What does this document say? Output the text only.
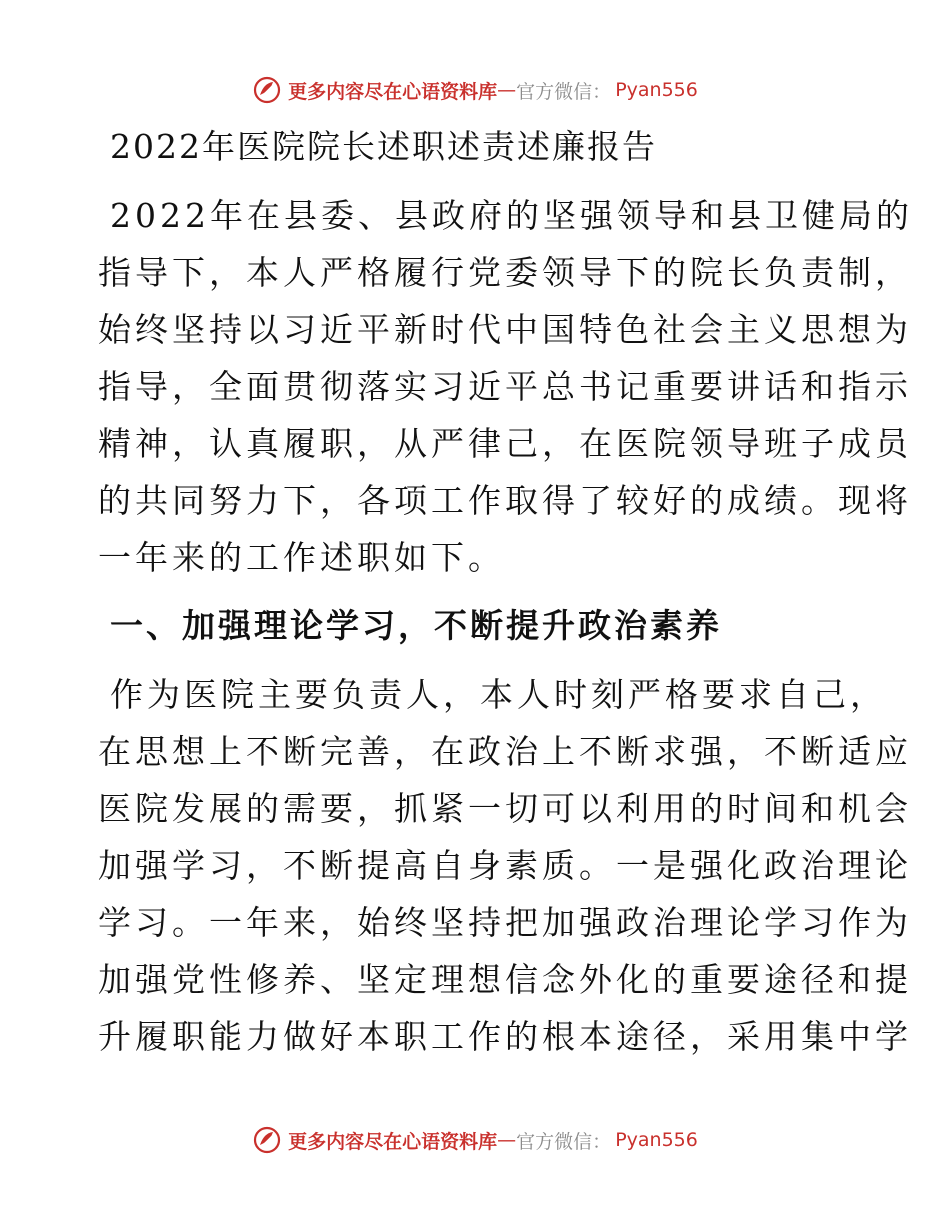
更多内容尽在心语资料库 — 官方微信： Pyan556
2022年医院院长述职述责述廉报告
2022年在县委、县政府的坚强领导和县卫健局的
指导下，本人严格履行党委领导下的院长负责制，
始终坚持以习近平新时代中国特色社会主义思想为
指导，全面贯彻落实习近平总书记重要讲话和指示
精神，认真履职，从严律己，在医院领导班子成员
的共同努力下，各项工作取得了较好的成绩。现将
一年来的工作述职如下。
一、加强理论学习，不断提升政治素养
作为医院主要负责人，本人时刻严格要求自己，
在思想上不断完善，在政治上不断求强，不断适应
医院发展的需要，抓紧一切可以利用的时间和机会
加强学习，不断提高自身素质。一是强化政治理论
学习。一年来，始终坚持把加强政治理论学习作为
加强党性修养、坚定理想信念外化的重要途径和提
升履职能力做好本职工作的根本途径，采用集中学
更多内容尽在心语资料库 — 官方微信： Pyan556
